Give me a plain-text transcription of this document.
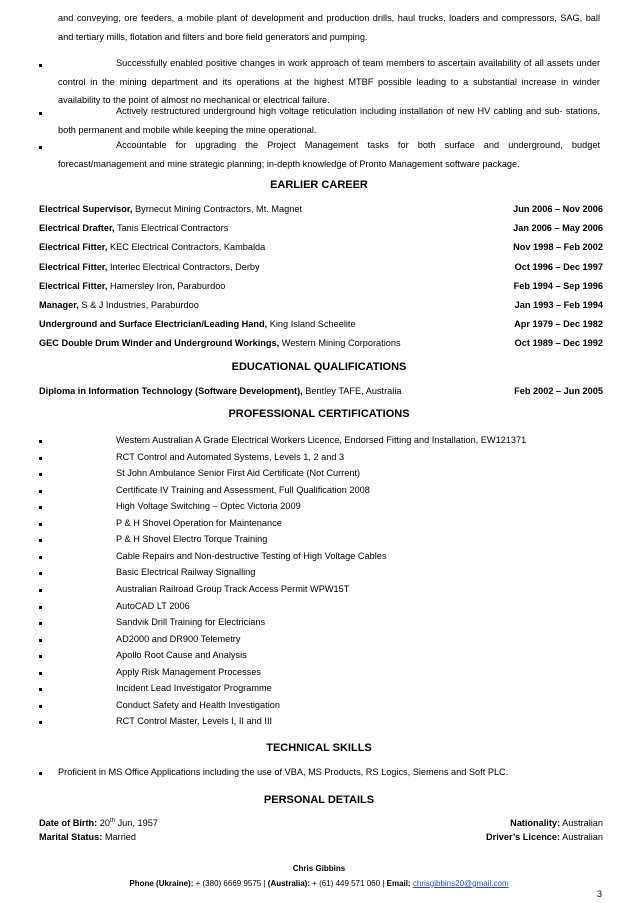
and conveying, ore feeders, a mobile plant of development and production drills, haul trucks, loaders and compressors, SAG, ball and tertiary mills, flotation and filters and bore field generators and pumping.
Successfully enabled positive changes in work approach of team members to ascertain availability of all assets under control in the mining department and its operations at the highest MTBF possible leading to a substantial increase in winder availability to the point of almost no mechanical or electrical failure.
Actively restructured underground high voltage reticulation including installation of new HV cabling and sub- stations, both permanent and mobile while keeping the mine operational.
Accountable for upgrading the Project Management tasks for both surface and underground, budget forecast/management and mine strategic planning; in-depth knowledge of Pronto Management software package.
EARLIER CAREER
Electrical Supervisor, Byrnecut Mining Contractors, Mt. Magnet	Jun 2006 – Nov 2006
Electrical Drafter, Tanis Electrical Contractors	Jan 2006 – May 2006
Electrical Fitter, KEC Electrical Contractors, Kambalda	Nov 1998 – Feb 2002
Electrical Fitter, Interlec Electrical Contractors, Derby	Oct 1996 – Dec 1997
Electrical Fitter, Hamersley Iron, Paraburdoo	Feb 1994 – Sep 1996
Manager, S & J Industries, Paraburdoo	Jan 1993 – Feb 1994
Underground and Surface Electrician/Leading Hand, King Island Scheelite	Apr 1979 – Dec 1982
GEC Double Drum Winder and Underground Workings, Western Mining Corporations	Oct 1989 – Dec 1992
EDUCATIONAL QUALIFICATIONS
Diploma in Information Technology (Software Development), Bentley TAFE, Australia	Feb 2002 – Jun 2005
PROFESSIONAL CERTIFICATIONS
Western Australian A Grade Electrical Workers Licence, Endorsed Fitting and Installation, EW121371
RCT Control and Automated Systems, Levels 1, 2 and 3
St John Ambulance Senior First Aid Certificate (Not Current)
Certificate IV Training and Assessment, Full Qualification 2008
High Voltage Switching – Optec Victoria 2009
P & H Shovel Operation for Maintenance
P & H Shovel Electro Torque Training
Cable Repairs and Non-destructive Testing of High Voltage Cables
Basic Electrical Railway Signalling
Australian Railroad Group Track Access Permit WPW15T
AutoCAD LT 2006
Sandvik Drill Training for Electricians
AD2000 and DR900 Telemetry
Apollo Root Cause and Analysis
Apply Risk Management Processes
Incident Lead Investigator Programme
Conduct Safety and Health Investigation
RCT Control Master, Levels I, II and III
TECHNICAL SKILLS
Proficient in MS Office Applications including the use of VBA, MS Products, RS Logics, Siemens and Soft PLC.
PERSONAL DETAILS
Date of Birth: 20th Jun, 1957
Marital Status: Married
Nationality: Australian
Driver’s Licence: Australian
Chris Gibbins
Phone (Ukraine): + (380) 6669 9575 | (Australia): + (61) 449 571 060 | Email: chrisgibbins20@gmail.com
3
